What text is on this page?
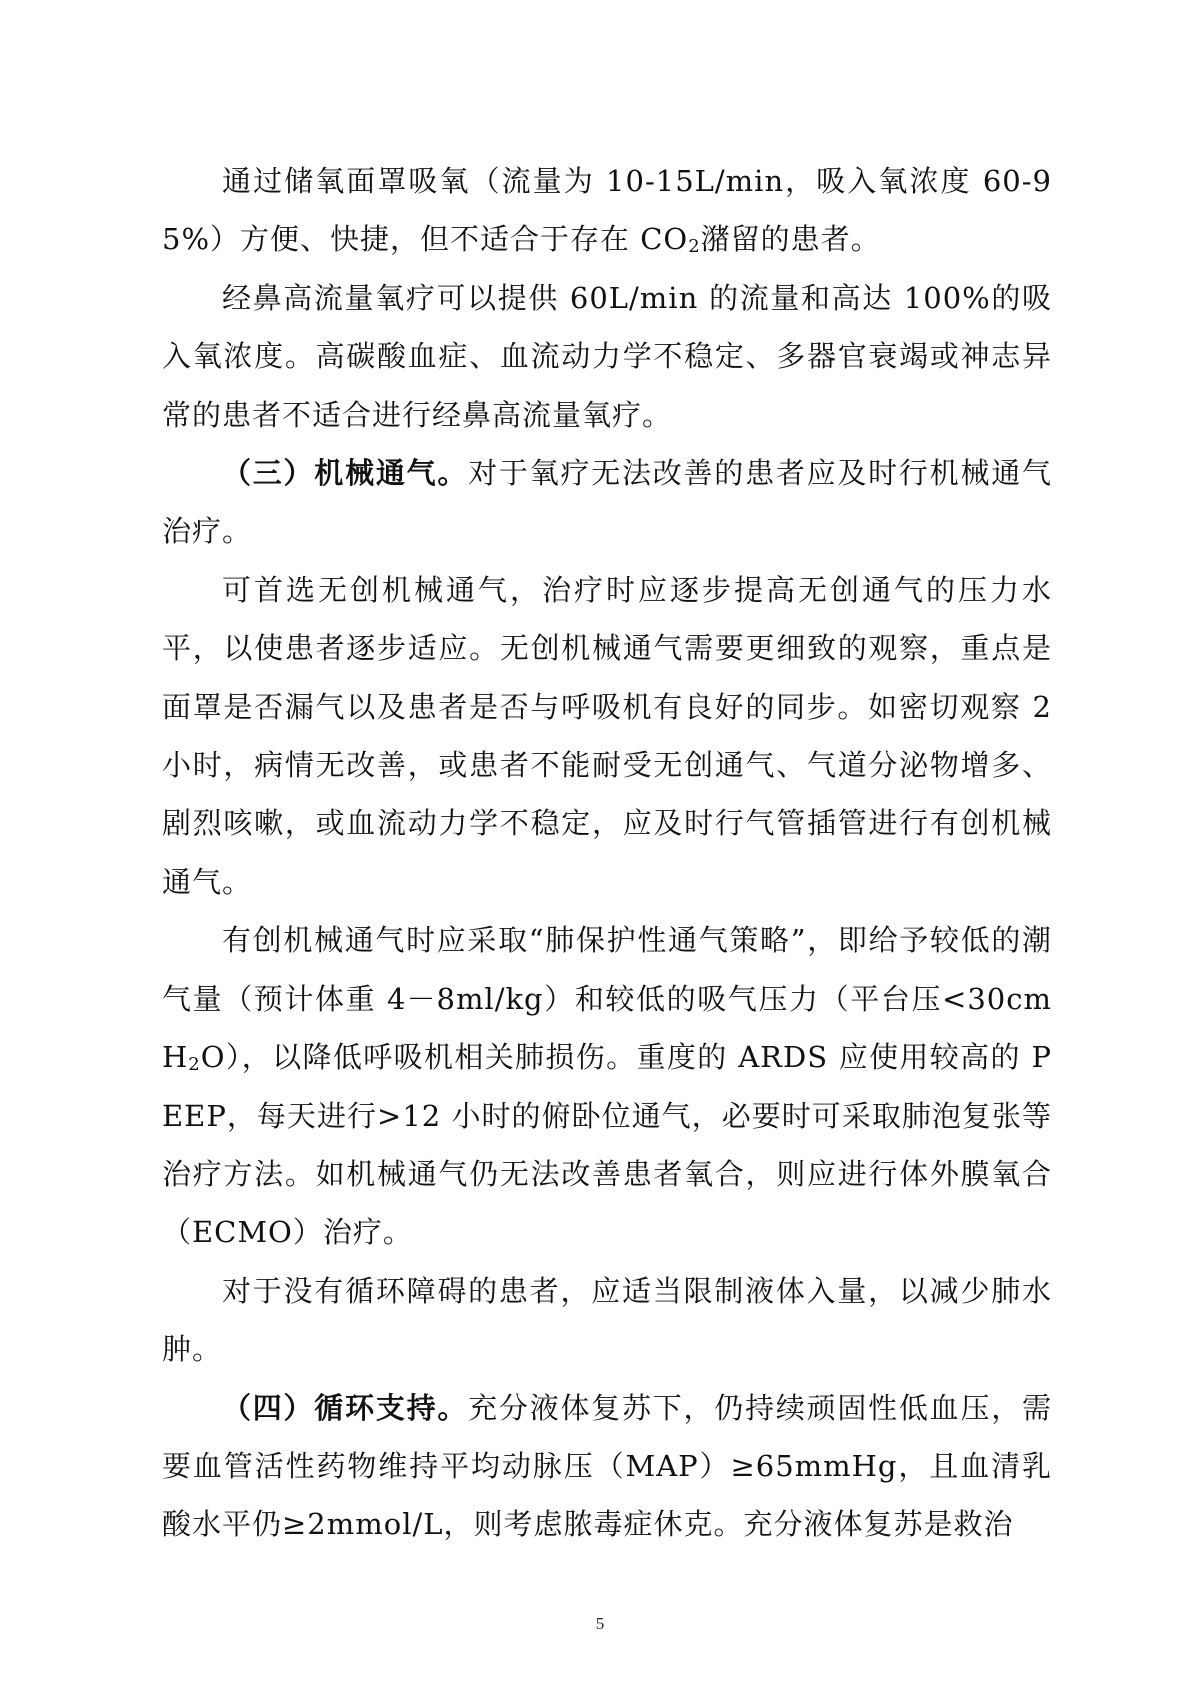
通过储氧面罩吸氧（流量为 10-15L/min，吸入氧浓度 60-95%）方便、快捷，但不适合于存在 $CO_2$潴留的患者。

经鼻高流量氧疗可以提供 60L/min 的流量和高达 100%的吸入氧浓度。高碳酸血症、血流动力学不稳定、多器官衰竭或神志异常的患者不适合进行经鼻高流量氧疗。

（三）机械通气。对于氧疗无法改善的患者应及时行机械通气治疗。

可首选无创机械通气，治疗时应逐步提高无创通气的压力水平，以使患者逐步适应。无创机械通气需要更细致的观察，重点是面罩是否漏气以及患者是否与呼吸机有良好的同步。如密切观察 2 小时，病情无改善，或患者不能耐受无创通气、气道分泌物增多、剧烈咳嗽，或血流动力学不稳定，应及时行气管插管进行有创机械通气。

有创机械通气时应采取“肺保护性通气策略”，即给予较低的潮气量（预计体重 4－8ml/kg）和较低的吸气压力（平台压<30cmH$_2$O），以降低呼吸机相关肺损伤。重度的 ARDS 应使用较高的 PEEP，每天进行>12 小时的俯卧位通气，必要时可采取肺泡复张等治疗方法。如机械通气仍无法改善患者氧合，则应进行体外膜氧合（ECMO）治疗。

对于没有循环障碍的患者，应适当限制液体入量，以减少肺水肿。

（四）循环支持。充分液体复苏下，仍持续顽固性低血压，需要血管活性药物维持平均动脉压（MAP）≥65mmHg，且血清乳酸水平仍≥2mmol/L，则考虑脓毒症休克。充分液体复苏是救治

5
